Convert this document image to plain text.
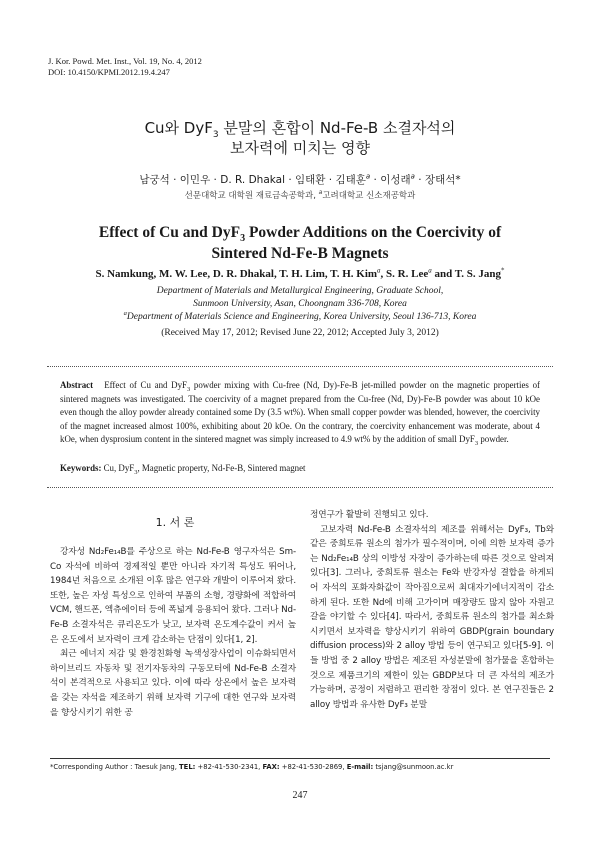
J. Kor. Powd. Met. Inst., Vol. 19, No. 4, 2012
DOI: 10.4150/KPMI.2012.19.4.247
Cu와 DyF$_3$ 분말의 혼합이 Nd-Fe-B 소결자석의
보자력에 미치는 영향
남궁석 · 이민우 · D. R. Dhakal · 임태환 · 김태훈$^a$ · 이성래$^a$ · 장태석*
선문대학교 대학원 재료금속공학과, $^a$고려대학교 신소재공학과
Effect of Cu and DyF$_3$ Powder Additions on the Coercivity of
Sintered Nd-Fe-B Magnets
S. Namkung, M. W. Lee, D. R. Dhakal, T. H. Lim, T. H. Kim$^a$, S. R. Lee$^a$ and T. S. Jang*
Department of Materials and Metallurgical Engineering, Graduate School,
Sunmoon University, Asan, Choongnam 336-708, Korea
$^a$Department of Materials Science and Engineering, Korea University, Seoul 136-713, Korea
(Received May 17, 2012; Revised June 22, 2012; Accepted July 3, 2012)
Abstract Effect of Cu and DyF$_3$ powder mixing with Cu-free (Nd, Dy)-Fe-B jet-milled powder on the magnetic properties of sintered magnets was investigated. The coercivity of a magnet prepared from the Cu-free (Nd, Dy)-Fe-B powder was about 10 kOe even though the alloy powder already contained some Dy (3.5 wt%). When small copper powder was blended, however, the coercivity of the magnet increased almost 100%, exhibiting about 20 kOe. On the contrary, the coercivity enhancement was moderate, about 4 kOe, when dysprosium content in the sintered magnet was simply increased to 4.9 wt% by the addition of small DyF$_3$ powder.
Keywords: Cu, DyF$_3$, Magnetic property, Nd-Fe-B, Sintered magnet
1. 서 론

강자성 Nd₂Fe₁₄B를 주상으로 하는 Nd-Fe-B 영구자석은 Sm-Co 자석에 비하여 경제적일 뿐만 아니라 자기적 특성도 뛰어나, 1984년 처음으로 소개된 이후 많은 연구와 개발이 이루어져 왔다. 또한, 높은 자성 특성으로 인하여 부품의 소형, 경량화에 적합하여 VCM, 핸드폰, 엑츄에이터 등에 폭넓게 응용되어 왔다. 그러나 Nd-Fe-B 소결자석은 큐리온도가 낮고, 보자력 온도계수값이 커서 높은 온도에서 보자력이 크게 감소하는 단점이 있다[1, 2].

최근 에너지 저감 및 환경친화형 녹색성장사업이 이슈화되면서 하이브리드 자동차 및 전기자동차의 구동모터에 Nd-Fe-B 소결자석이 본격적으로 사용되고 있다. 이에 따라 상온에서 높은 보자력을 갖는 자석을 제조하기 위해 보자력 기구에 대한 연구와 보자력을 향상시키기 위한 공

정연구가 활발히 진행되고 있다.

고보자력 Nd-Fe-B 소결자석의 제조를 위해서는 DyF₃, Tb와 같은 중희토류 원소의 첨가가 필수적이며, 이에 의한 보자력 증가는 Nd₂Fe₁₄B 상의 이방성 자장이 증가하는데 따른 것으로 알려져 있다[3]. 그러나, 중희토류 원소는 Fe와 반강자성 결합을 하게되어 자석의 포화자화값이 작아짐으로써 최대자기에너지적이 감소하게 된다. 또한 Nd에 비해 고가이며 매장량도 많지 않아 자원고갈을 야기할 수 있다[4]. 따라서, 중희토류 원소의 첨가를 최소화시키면서 보자력을 향상시키기 위하여 GBDP(grain boundary diffusion process)와 2 alloy 방법 등이 연구되고 있다[5-9]. 이들 방법 중 2 alloy 방법은 제조된 자성분말에 첨가물을 혼합하는 것으로 제품크기의 제한이 있는 GBDP보다 더 큰 자석의 제조가 가능하며, 공정이 저렴하고 편리한 장점이 있다. 본 연구진들은 2 alloy 방법과 유사한 DyF₃ 분말

*Corresponding Author : Taesuk Jang, TEL: +82-41-530-2341, FAX: +82-41-530-2869, E-mail: tsjang@sunmoon.ac.kr
247
